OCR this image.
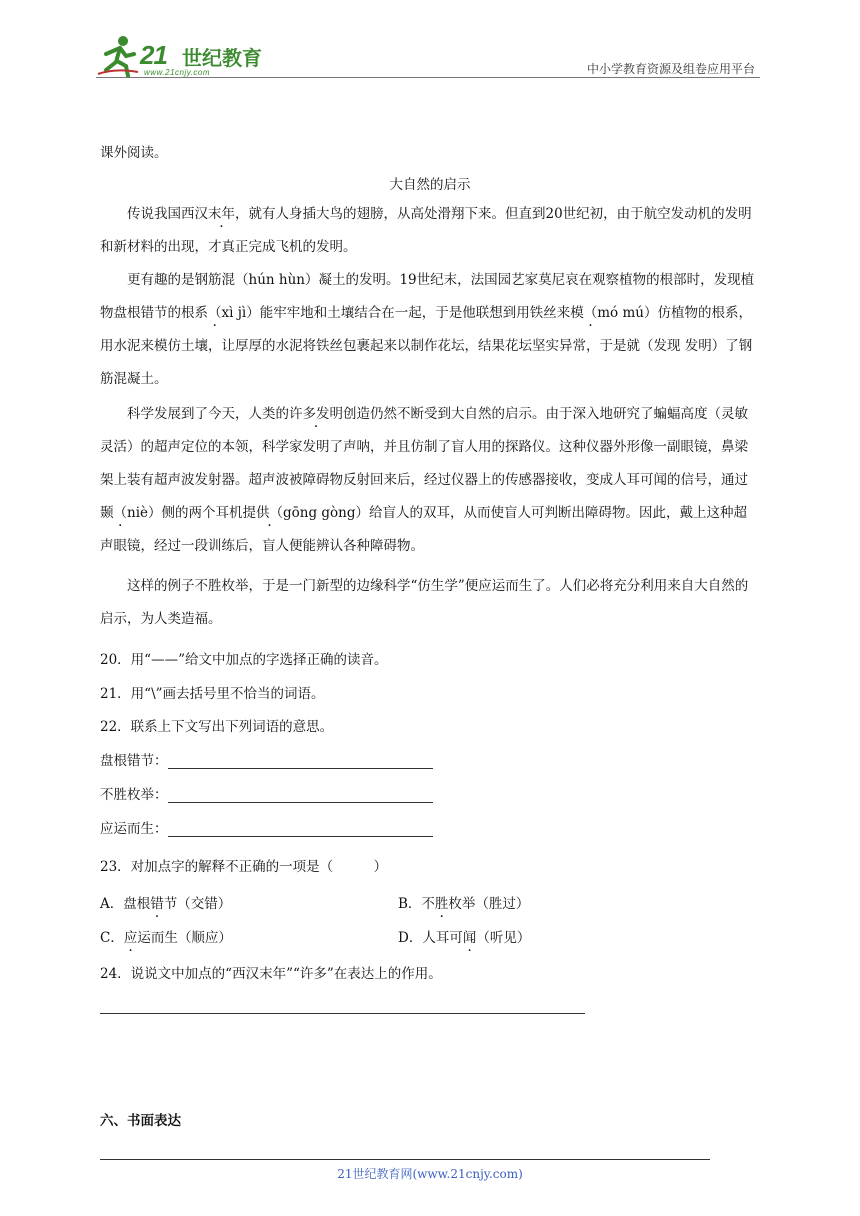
21 世纪教育
www.21cnjy.com	中小学教育资源及组卷应用平台
课外阅读。
大自然的启示
传说我国西汉末年，就有人身插大鸟的翅膀，从高处滑翔下来。但直到20世纪初，由于航空发动机的发明和新材料的出现，才真正完成飞机的发明。
更有趣的是钢筋混（hún hùn）凝土的发明。19世纪末，法国园艺家莫尼哀在观察植物的根部时，发现植物盘根错节的根系（xì jì）能牢牢地和土壤结合在一起，于是他联想到用铁丝来模（mó mú）仿植物的根系，用水泥来模仿土壤，让厚厚的水泥将铁丝包裹起来以制作花坛，结果花坛坚实异常，于是就（发现 发明）了钢筋混凝土。
科学发展到了今天，人类的许多发明创造仍然不断受到大自然的启示。由于深入地研究了蝙蝠高度（灵敏 灵活）的超声定位的本领，科学家发明了声呐，并且仿制了盲人用的探路仪。这种仪器外形像一副眼镜，鼻梁架上装有超声波发射器。超声波被障碍物反射回来后，经过仪器上的传感器接收，变成人耳可闻的信号，通过颞（niè）侧的两个耳机提供（gōng gòng）给盲人的双耳，从而使盲人可判断出障碍物。因此，戴上这种超声眼镜，经过一段训练后，盲人便能辨认各种障碍物。
这样的例子不胜枚举，于是一门新型的边缘科学“仿生学”便应运而生了。人们必将充分利用来自大自然的启示，为人类造福。
20．用“——”给文中加点的字选择正确的读音。
21．用“\”画去括号里不恰当的词语。
22．联系上下文写出下列词语的意思。
盘根错节：
不胜枚举：
应运而生：
23．对加点字的解释不正确的一项是（　　　）
A．盘根错节（交错）	B．不胜枚举（胜过）
C．应运而生（顺应）	D．人耳可闻（听见）
24．说说文中加点的“西汉末年”“许多”在表达上的作用。
六、书面表达
21世纪教育网(www.21cnjy.com)
